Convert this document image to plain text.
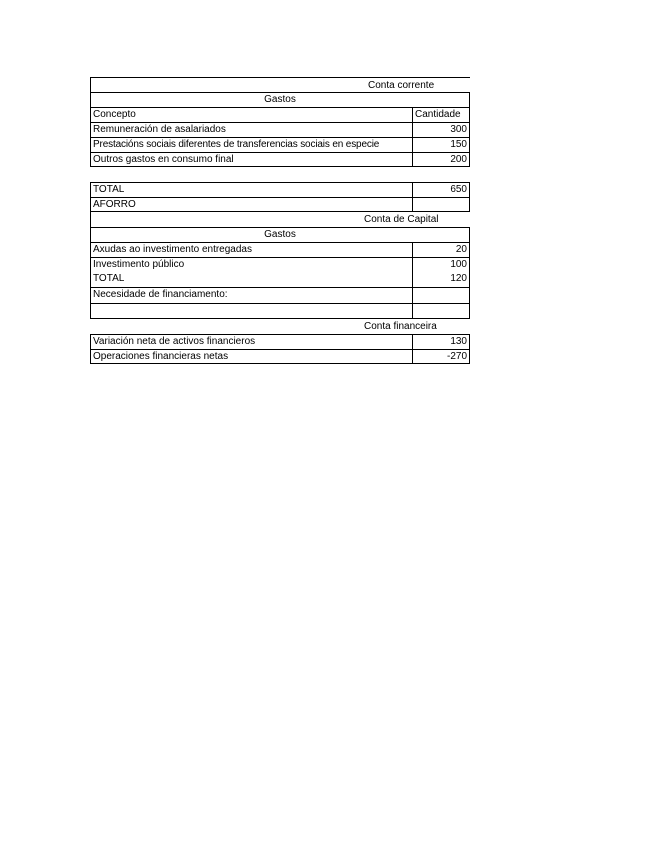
Conta corrente
Gastos
Concepto	Cantidade
Remuneración de asalariados	300
Prestacións sociais diferentes de transferencias sociais en especie	150
Outros gastos en consumo final	200
TOTAL	650
AFORRO
Conta de Capital
Gastos
Axudas ao investimento entregadas	20
Investimento público	100
TOTAL	120
Necesidade de financiamento:
Conta financeira
Variación neta de activos financieros	130
Operaciones financieras netas	-270
